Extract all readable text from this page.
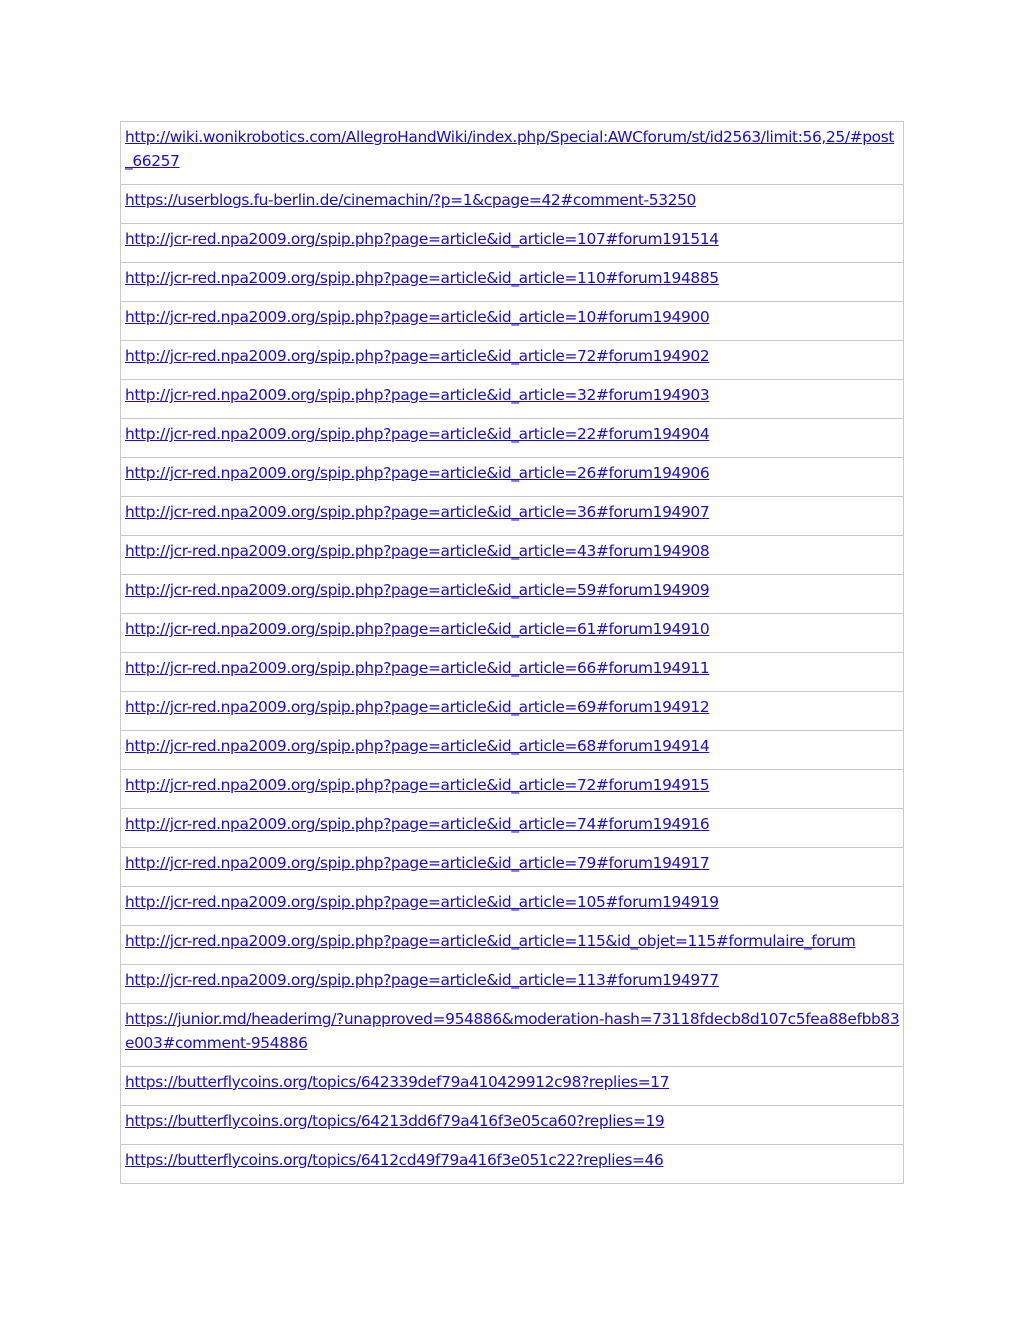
http://wiki.wonikrobotics.com/AllegroHandWiki/index.php/Special:AWCforum/st/id2563/limit:56,25/#post_66257
https://userblogs.fu-berlin.de/cinemachin/?p=1&cpage=42#comment-53250
http://jcr-red.npa2009.org/spip.php?page=article&id_article=107#forum191514
http://jcr-red.npa2009.org/spip.php?page=article&id_article=110#forum194885
http://jcr-red.npa2009.org/spip.php?page=article&id_article=10#forum194900
http://jcr-red.npa2009.org/spip.php?page=article&id_article=72#forum194902
http://jcr-red.npa2009.org/spip.php?page=article&id_article=32#forum194903
http://jcr-red.npa2009.org/spip.php?page=article&id_article=22#forum194904
http://jcr-red.npa2009.org/spip.php?page=article&id_article=26#forum194906
http://jcr-red.npa2009.org/spip.php?page=article&id_article=36#forum194907
http://jcr-red.npa2009.org/spip.php?page=article&id_article=43#forum194908
http://jcr-red.npa2009.org/spip.php?page=article&id_article=59#forum194909
http://jcr-red.npa2009.org/spip.php?page=article&id_article=61#forum194910
http://jcr-red.npa2009.org/spip.php?page=article&id_article=66#forum194911
http://jcr-red.npa2009.org/spip.php?page=article&id_article=69#forum194912
http://jcr-red.npa2009.org/spip.php?page=article&id_article=68#forum194914
http://jcr-red.npa2009.org/spip.php?page=article&id_article=72#forum194915
http://jcr-red.npa2009.org/spip.php?page=article&id_article=74#forum194916
http://jcr-red.npa2009.org/spip.php?page=article&id_article=79#forum194917
http://jcr-red.npa2009.org/spip.php?page=article&id_article=105#forum194919
http://jcr-red.npa2009.org/spip.php?page=article&id_article=115&id_objet=115#formulaire_forum
http://jcr-red.npa2009.org/spip.php?page=article&id_article=113#forum194977
https://junior.md/headerimg/?unapproved=954886&moderation-hash=73118fdecb8d107c5fea88efbb83e003#comment-954886
https://butterflycoins.org/topics/642339def79a410429912c98?replies=17
https://butterflycoins.org/topics/64213dd6f79a416f3e05ca60?replies=19
https://butterflycoins.org/topics/6412cd49f79a416f3e051c22?replies=46
